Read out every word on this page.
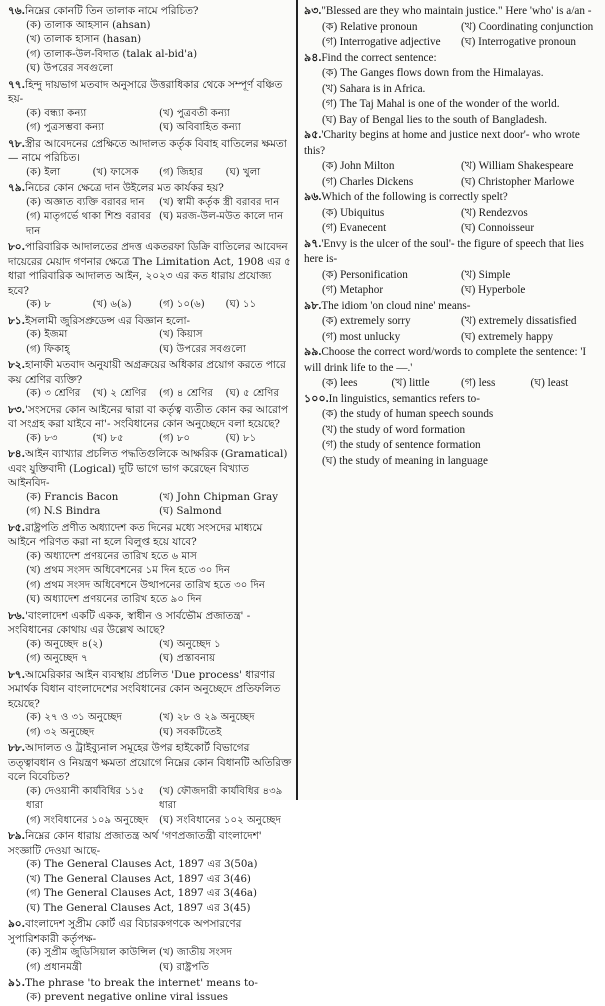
৭৬.নিম্নের কোনটি তিন তালাক নামে পরিচিত?
(ক) তালাক আহসান (ahsan)
(খ) তালাক হাসান (hasan)
(গ) তালাক-উল-বিদাত (talak al-bid'a)
(ঘ) উপরের সবগুলো
৭৭.হিন্দু দায়ভাগ মতবাদ অনুসারে উত্তরাধিকার থেকে সম্পূর্ণ বঞ্চিত হয়-
(ক) বন্ধ্যা কন্যা	(খ) পুত্রবতী কন্যা
(গ) পুত্রসম্ভবা কন্যা	(ঘ) অবিবাহিত কন্যা
৭৮.স্ত্রীর আবেদনের প্রেক্ষিতে আদালত কর্তৃক বিবাহ বাতিলের ক্ষমতা — নামে পরিচিত।
(ক) ইলা	(খ) ফাসেক	(গ) জিহার	(ঘ) খুলা
৭৯.নিচের কোন ক্ষেত্রে দান উইলের মত কার্যকর হয়?
(ক) অজ্ঞাত ব্যক্তি বরাবর দান	(খ) স্বামী কর্তৃক স্ত্রী বরাবর দান
(গ) মাতৃগর্ভে থাকা শিশু বরাবর দান
(ঘ) মরজ-উল-মউত কালে দান
৮০.পারিবারিক আদালতের প্রদত্ত একতরফা ডিক্রি বাতিলের আবেদন দায়েরের মেয়াদ গণনার ক্ষেত্রে The Limitation Act, 1908 এর ৫ ধারা পারিবারিক আদালত আইন, ২০২৩ এর কত ধারায় প্রযোজ্য হবে?
(ক) ৮	(খ) ৬(৯)	(গ) ১০(৬)	(ঘ) ১১
৮১.ইসলামী জুরিসপ্রুডেন্স এর বিজ্ঞান হলো-
(ক) ইজমা	(খ) কিয়াস
(গ) ফিকাহ্	(ঘ) উপরের সবগুলো
৮২.হানাফী মতবাদ অনুযায়ী অগ্রক্রয়ের অধিকার প্রয়োগ করতে পারে কয় শ্রেণির ব্যক্তি?
(ক) ৩ শ্রেণির	(খ) ২ শ্রেণির	(গ) ৪ শ্রেণির	(ঘ) ৫ শ্রেণির
৮৩.'সংসদের কোন আইনের দ্বারা বা কর্তৃত্ব ব্যতীত কোন কর আরোপ বা সংগ্রহ করা যাইবে না'- সংবিধানের কোন অনুচ্ছেদে বলা হয়েছে?
(ক) ৮৩	(খ) ৮৫	(গ) ৮০	(ঘ) ৮১
৮৪.আইন ব্যাখ্যার প্রচলিত পদ্ধতিগুলিকে আক্ষরিক (Gramatical) এবং যুক্তিবাদী (Logical) দুটি ভাগে ভাগ করেছেন বিখ্যাত আইনবিদ-
(ক) Francis Bacon	(খ) John Chipman Gray
(গ) N.S Bindra	(ঘ) Salmond
৮৫.রাষ্ট্রপতি প্রণীত অধ্যাদেশ কত দিনের মধ্যে সংসদের মাধ্যমে আইনে পরিণত করা না হলে বিলুপ্ত হয়ে যাবে?
(ক) অধ্যাদেশ প্রণয়নের তারিখ হতে ৬ মাস
(খ) প্রথম সংসদ অধিবেশনের ১ম দিন হতে ৩০ দিন
(গ) প্রথম সংসদ অধিবেশনে উত্থাপনের তারিখ হতে ৩০ দিন
(ঘ) অধ্যাদেশ প্রণয়নের তারিখ হতে ৯০ দিন
৮৬.'বাংলাদেশ একটি একক, স্বাধীন ও সার্বভৌম প্রজাতন্ত্র' - সংবিধানের কোথায় এর উল্লেখ আছে?
(ক) অনুচ্ছেদ ৪(২)	(খ) অনুচ্ছেদ ১
(গ) অনুচ্ছেদ ৭	(ঘ) প্রস্তাবনায়
৮৭.আমেরিকার আইন ব্যবস্থায় প্রচলিত 'Due process' ধারণার সমার্থক বিধান বাংলাদেশের সংবিধানের কোন অনুচ্ছেদে প্রতিফলিত হয়েছে?
(ক) ২৭ ও ৩১ অনুচ্ছেদ	(খ) ২৮ ও ২৯ অনুচ্ছেদ
(গ) ৩২ অনুচ্ছেদ	(ঘ) সবকটিতেই
৮৮.আদালত ও ট্রাইব্যুনাল সমূহের উপর হাইকোর্ট বিভাগের তত্ত্বাবধান ও নিয়ন্ত্রণ ক্ষমতা প্রয়োগে নিম্নের কোন বিধানটি অতিরিক্ত বলে বিবেচিত?
(ক) দেওয়ানী কার্যবিধির ১১৫ ধারা
(খ) ফৌজদারী কার্যবিধির ৪৩৯ ধারা
(গ) সংবিধানের ১০৯ অনুচ্ছেদ	(ঘ) সংবিধানের ১০২ অনুচ্ছেদ
৮৯.নিম্নের কোন ধারায় প্রজাতন্ত্র অর্থ 'গণপ্রজাতন্ত্রী বাংলাদেশ' সংজ্ঞাটি দেওয়া আছে-
(ক) The General Clauses Act, 1897 এর 3(50a)
(খ) The General Clauses Act, 1897 এর 3(46)
(গ) The General Clauses Act, 1897 এর 3(46a)
(ঘ) The General Clauses Act, 1897 এর 3(45)
৯০.বাংলাদেশ সুপ্রীম কোর্ট এর বিচারকগণকে অপসারণের সুপারিশকারী কর্তৃপক্ষ-
(ক) সুপ্রীম জুডিসিয়াল কাউন্সিল (খ) জাতীয় সংসদ
(গ) প্রধানমন্ত্রী	(ঘ) রাষ্ট্রপতি
৯১.The phrase 'to break the internet' means to-
(ক) prevent negative online viral issues
৯৩."Blessed are they who maintain justice." Here 'who' is a/an -
(ক) Relative pronoun	(খ) Coordinating conjunction
(গ) Interrogative adjective	(ঘ) Interrogative pronoun
৯৪.Find the correct sentence:
(ক) The Ganges flows down from the Himalayas.
(খ) Sahara is in Africa.
(গ) The Taj Mahal is one of the wonder of the world.
(ঘ) Bay of Bengal lies to the south of Bangladesh.
৯৫.'Charity begins at home and justice next door'- who wrote this?
(ক) John Milton	(খ) William Shakespeare
(গ) Charles Dickens	(ঘ) Christopher Marlowe
৯৬.Which of the following is correctly spelt?
(ক) Ubiquitus	(খ) Rendezvos
(গ) Evanecent	(ঘ) Connoisseur
৯৭.'Envy is the ulcer of the soul'- the figure of speech that lies here is-
(ক) Personification	(খ) Simple
(গ) Metaphor	(ঘ) Hyperbole
৯৮.The idiom 'on cloud nine' means-
(ক) extremely sorry	(খ) extremely dissatisfied
(গ) most unlucky	(ঘ) extremely happy
৯৯.Choose the correct word/words to complete the sentence: 'I will drink life to the —.'
(ক) lees	(খ) little	(গ) less	(ঘ) least
১০০.In linguistics, semantics refers to-
(ক) the study of human speech sounds
(খ) the study of word formation
(গ) the study of sentence formation
(ঘ) the study of meaning in language
